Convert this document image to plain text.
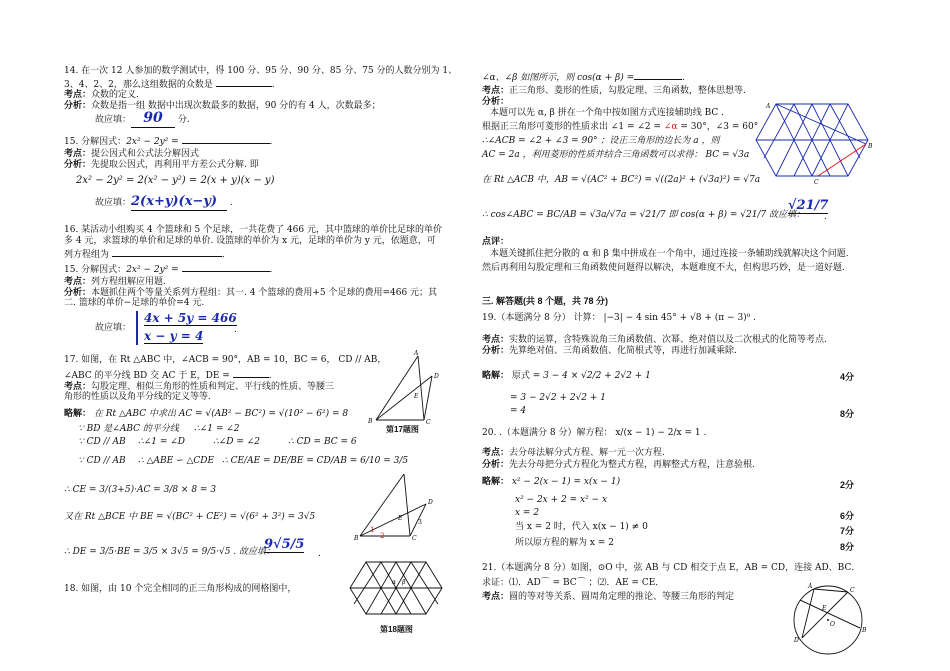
14. 在一次 12 人参加的数学测试中，得 100 分、95 分、90 分、85 分、75 分的人数分别为 1、
3、4、2、2，那么这组数据的众数是	.
考点：众数的定义.
分析：众数是指一组 数据中出现次数最多的数据，90 分的有 4 人，次数最多；
故应填： 90 分.
15. 分解因式：2x² − 2y² =	.
考点：提公因式和公式法分解因式
分析：先提取公因式，再利用平方差公式分解. 即
2x² − 2y² = 2(x² − y²) = 2(x + y)(x − y)
故应填：2(x+y)(x−y) .
16. 某活动小组购买 4 个篮球和 5 个足球，一共花费了 466 元，其中篮球的单价比足球的单价
多 4 元，求篮球的单价和足球的单价. 设篮球的单价为 x 元，足球的单价为 y 元，依题意，可
列方程组为	.
15. 分解因式：2x² − 2y² =	.
考点：列方程组解应用题.
分析：本题抓住两个等量关系列方程组：其一. 4 个篮球的费用+5 个足球的费用=466 元；其
二. 篮球的单价−足球的单价=4 元.
故应填：
4x + 5y = 466
x − y = 4	.
17. 如图，在 Rt △ABC 中，∠ACB = 90°，AB = 10，BC = 6， CD // AB，
∠ABC 的平分线 BD 交 AC 于 E，DE =	.
考点：勾股定理、相似三角形的性质和判定、平行线的性质、等腰三
角形的性质以及角平分线的定义等等.
略解： 在 Rt △ABC 中求出 AC = √(AB² − BC²) = √(10² − 6²) = 8
∵ BD 是∠ABC 的平分线 ∴∠1 = ∠2
∵ CD // AB ∴∠1 = ∠D	∴∠D = ∠2	∴ CD = BC = 6
∵ CD // AB ∴ △ABE ∽ △CDE ∴ CE/AE = DE/BE = CD/AB = 6/10 = 3/5
∴ CE = 3/(3+5)·AC = 3/8 × 8 = 3
又在 Rt △BCE 中 BE = √(BC² + CE²) = √(6² + 3²) = 3√5
∴ DE = 3/5·BE = 3/5 × 3√5 = 9/5·√5 . 故应填：
9√5/5
.
A
B	C
D
E
第17题图
B	C
D
E
1
2
3
18. 如图，由 10 个完全相同的正三角形构成的网格图中，
α β
第18题图
∠α、∠β 如图所示，则 cos(α + β) =	.
考点：正三角形、菱形的性质，勾股定理、三角函数，整体思想等.
分析：
本题可以先 α, β 拼在一个角中按如图方式连接辅助线 BC ．
根据正三角形可菱形的性质求出 ∠1 = ∠2 = ∠α = 30°，∠3 = 60°
∴∠ACB = ∠2 + ∠3 = 90° ；设正三角形的边长为 a ，则
AC = 2a ，利用菱形的性质并结合三角函数可以求得： BC = √3a
在 Rt △ACB 中，AB = √(AC² + BC²) = √((2a)² + (√3a)²) = √7a
∴ cos∠ABC = BC/AB = √3a/√7a = √21/7 即 cos(α + β) = √21/7 故应填：
√21/7
.
A
B
C
点评：
本题关键抓住把分散的 α 和 β 集中拼成在一个角中，通过连接一条辅助线就解决这个问题.
然后再利用勾股定理和三角函数使问题得以解决，本题难度不大，但构思巧妙，是一道好题.
三. 解答题(共 8 个题，共 78 分)
19.（本题满分 8 分） 计算： |−3| − 4 sin 45° + √8 + (π − 3)⁰ .
考点：实数的运算，含特殊说角三角函数值、次幂、绝对值以及二次根式的化简等考点.
分析：先算绝对值、三角函数值、化简根式等，再进行加减乘除.
略解： 原式 = 3 − 4 × √2/2 + 2√2 + 1	4分
= 3 − 2√2 + 2√2 + 1
= 4	8分
20. .（本题满分 8 分）解方程： x/(x − 1) − 2/x = 1 .
考点：去分母法解分式方程、解一元一次方程.
分析：先去分母把分式方程化为整式方程，再解整式方程，注意验根.
略解： x² − 2(x − 1) = x(x − 1)	2分
x² − 2x + 2 = x² − x
x = 2	6分
当 x = 2 时，代入 x(x − 1) ≠ 0	7分
所以原方程的解为 x = 2	8分
21.（本题满分 8 分）如图，⊙O 中，弦 AB 与 CD 相交于点 E，AB = CD，连接 AD、BC．
求证：⑴．AD⌒ = BC⌒ ；⑵．AE = CE．
考点：圆的等对等关系、圆周角定理的推论、等腰三角形的判定
A
C
D
B
E
O
